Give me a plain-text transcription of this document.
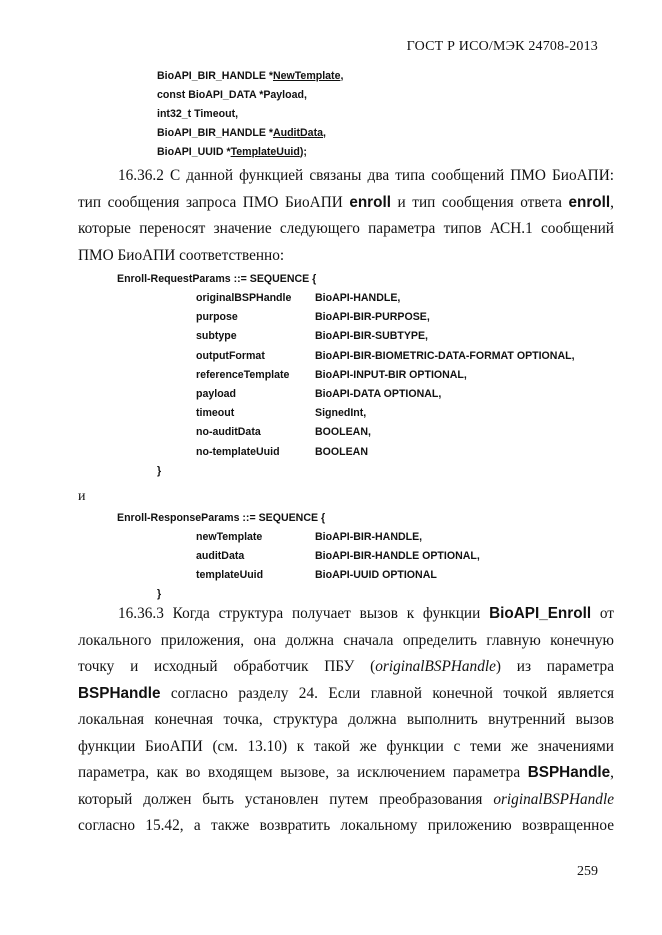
ГОСТ Р ИСО/МЭК 24708-2013
BioAPI_BIR_HANDLE *NewTemplate,
const BioAPI_DATA *Payload,
int32_t Timeout,
BioAPI_BIR_HANDLE *AuditData,
BioAPI_UUID *TemplateUuid);
16.36.2 С данной функцией связаны два типа сообщений ПМО БиоАПИ:
тип сообщения запроса ПМО БиоАПИ enroll и тип сообщения ответа enroll,
которые переносят значение следующего параметра типов АСН.1 сообщений
ПМО БиоАПИ соответственно:
Enroll-RequestParams ::= SEQUENCE {
originalBSPHandle BioAPI-HANDLE,
purpose	BioAPI-BIR-PURPOSE,
subtype	BioAPI-BIR-SUBTYPE,
outputFormat	BioAPI-BIR-BIOMETRIC-DATA-FORMAT OPTIONAL,
referenceTemplate BioAPI-INPUT-BIR OPTIONAL,
payload	BioAPI-DATA OPTIONAL,
timeout	SignedInt,
no-auditData	BOOLEAN,
no-templateUuid	BOOLEAN
}
и
Enroll-ResponseParams ::= SEQUENCE {
newTemplate	BioAPI-BIR-HANDLE,
auditData	BioAPI-BIR-HANDLE OPTIONAL,
templateUuid	BioAPI-UUID OPTIONAL
}
16.36.3 Когда структура получает вызов к функции BioAPI_Enroll от
локального приложения, она должна сначала определить главную конечную
точку и исходный обработчик ПБУ (originalBSPHandle) из параметра
BSPHandle согласно разделу 24. Если главной конечной точкой является
локальная конечная точка, структура должна выполнить внутренний вызов
функции БиоАПИ (см. 13.10) к такой же функции с теми же значениями
параметра, как во входящем вызове, за исключением параметра BSPHandle,
который должен быть установлен путем преобразования originalBSPHandle
согласно 15.42, а также возвратить локальному приложению возвращенное
259
